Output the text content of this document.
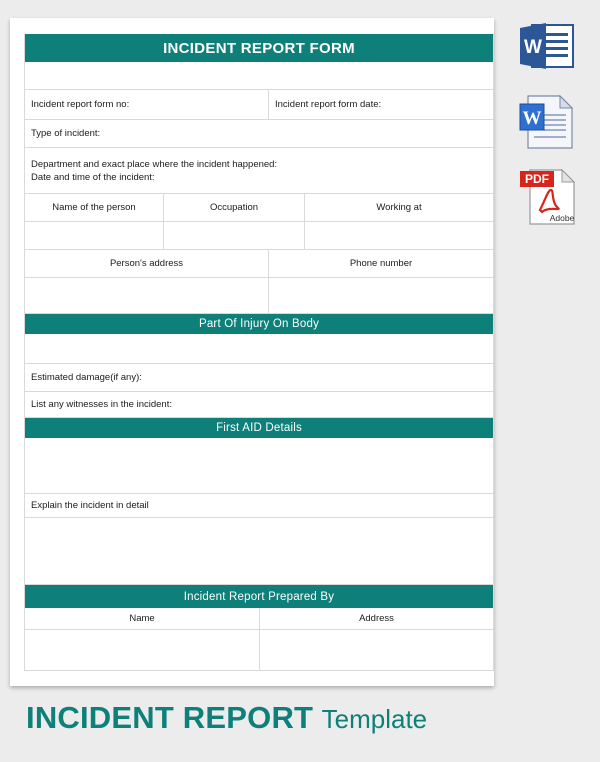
INCIDENT REPORT FORM
Incident report form no:	Incident report form date:
Type of incident:
Department and exact place where the incident happened:
Date and time of the incident:
Name of the person	Occupation	Working at
Person's address	Phone number
Part Of Injury On Body
Estimated damage(if any):
List any witnesses in the incident:
First AID Details
Explain the incident in detail
Incident Report Prepared By
Name	Address
W
W
PDF
Adobe
INCIDENT REPORT Template
